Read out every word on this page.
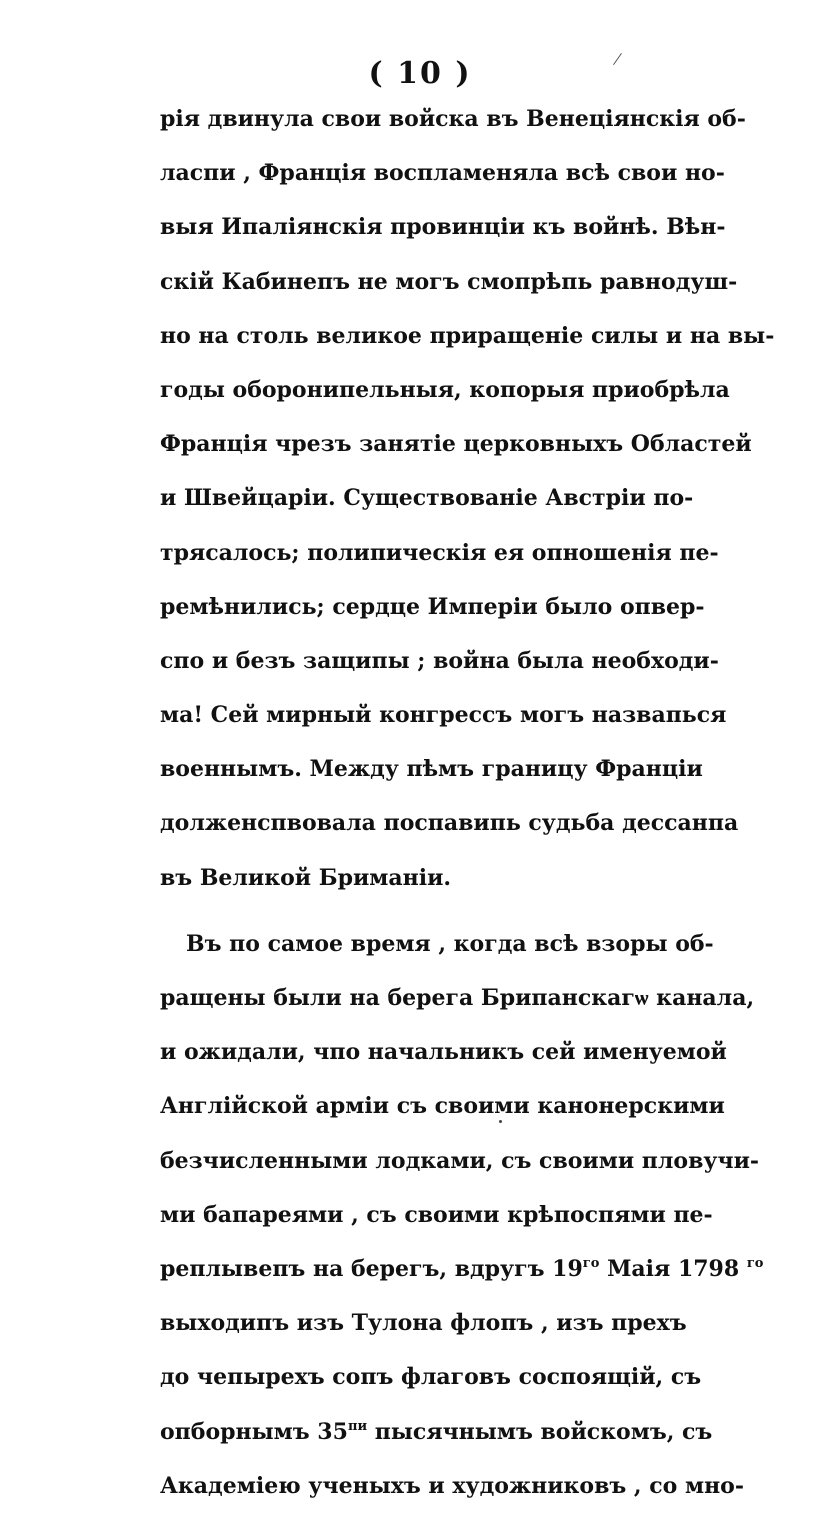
( 10 )
рія двинула свои войска въ Венеціянскія об-
ласпи , Франція воспламеняла всѣ свои но-
выя Ипаліянскія провинціи къ войнѣ. Вѣн-
скій Кабинепъ не могъ смопрѣпь равнодуш-
но на столь великое приращеніе силы и на вы-
годы оборонипельныя, копорыя приобрѣла
Франція чрезъ занятіе церковныхъ Областей
и Швейцаріи. Существованіе Австріи по-
трясалось; полипическія ея опношенія пе-
ремѣнились; сердце Имперіи было опвер-
спо и безъ защипы ; война была необходи-
ма! Сей мирный конгрессъ могъ назвапься
военнымъ. Между пѣмъ границу Франціи
долженспвовала поспавипь судьба дессанпа
въ Великой Бриманіи.
Въ по самое время , когда всѣ взоры об-
ращены были на берега Брипанскагѡ канала,
и ожидали, чпо начальникъ сей именуемой
Англійской арміи съ своими канонерскими
безчисленными лодками, съ своими пловучи-
ми бапареями , съ своими крѣпоспями пе-
реплывепъ на берегъ, вдругъ $19^{го}$ Маія 1798 $^{го}$
выходипъ изъ Тулона флопъ , изъ прехъ
до чепырехъ сопъ флаговъ соспоящій, съ
опборнымъ $35^{пи}$ пысячнымъ войскомъ, съ
Академіею ученыхъ и художниковъ , со мно-
